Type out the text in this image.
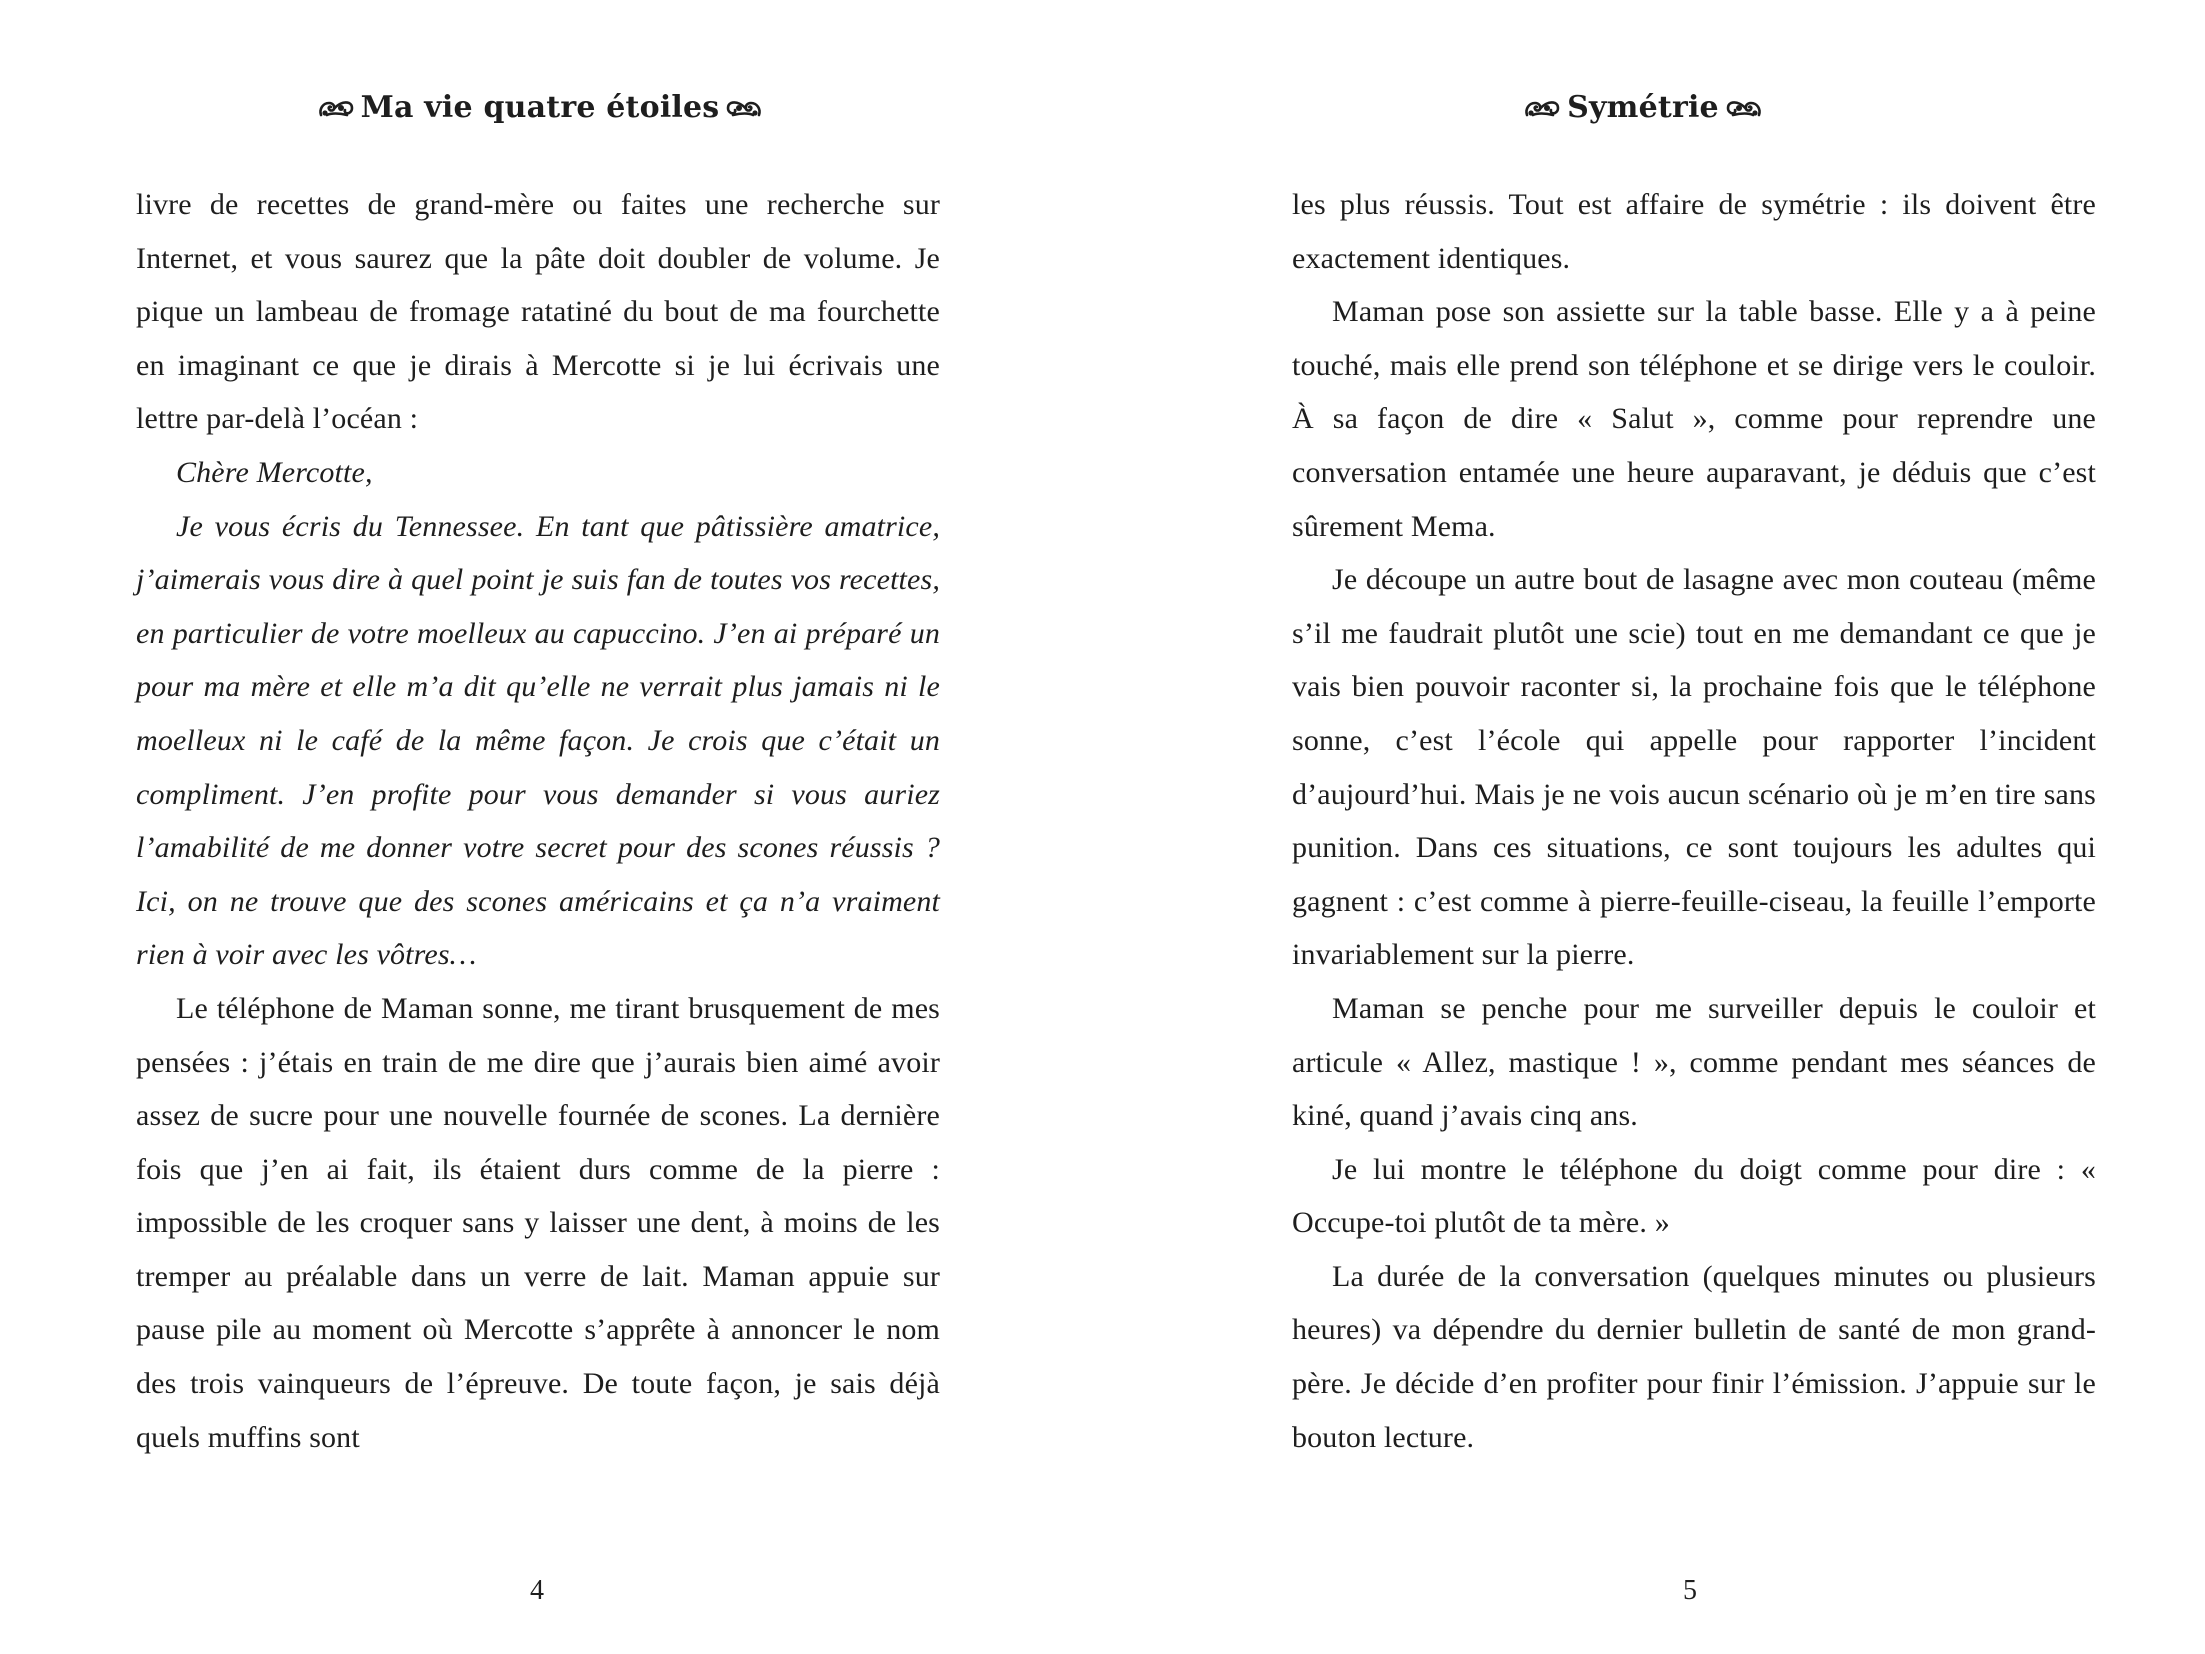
Ma vie quatre étoiles

livre de recettes de grand-mère ou faites une recherche sur Internet, et vous saurez que la pâte doit doubler de volume. Je pique un lambeau de fromage ratatiné du bout de ma fourchette en imaginant ce que je dirais à Mercotte si je lui écrivais une lettre par-delà l’océan :

Chère Mercotte,

Je vous écris du Tennessee. En tant que pâtissière amatrice, j’aimerais vous dire à quel point je suis fan de toutes vos recettes, en particulier de votre moelleux au capuccino. J’en ai préparé un pour ma mère et elle m’a dit qu’elle ne verrait plus jamais ni le moelleux ni le café de la même façon. Je crois que c’était un compliment. J’en profite pour vous demander si vous auriez l’amabilité de me donner votre secret pour des scones réussis ? Ici, on ne trouve que des scones américains et ça n’a vraiment rien à voir avec les vôtres…

Le téléphone de Maman sonne, me tirant brusquement de mes pensées : j’étais en train de me dire que j’aurais bien aimé avoir assez de sucre pour une nouvelle fournée de scones. La dernière fois que j’en ai fait, ils étaient durs comme de la pierre : impossible de les croquer sans y laisser une dent, à moins de les tremper au préalable dans un verre de lait. Maman appuie sur pause pile au moment où Mercotte s’apprête à annoncer le nom des trois vainqueurs de l’épreuve. De toute façon, je sais déjà quels muffins sont

4
Symétrie

les plus réussis. Tout est affaire de symétrie : ils doivent être exactement identiques.

Maman pose son assiette sur la table basse. Elle y a à peine touché, mais elle prend son téléphone et se dirige vers le couloir. À sa façon de dire « Salut », comme pour reprendre une conversation entamée une heure auparavant, je déduis que c’est sûrement Mema.

Je découpe un autre bout de lasagne avec mon couteau (même s’il me faudrait plutôt une scie) tout en me demandant ce que je vais bien pouvoir raconter si, la prochaine fois que le téléphone sonne, c’est l’école qui appelle pour rapporter l’incident d’aujourd’hui. Mais je ne vois aucun scénario où je m’en tire sans punition. Dans ces situations, ce sont toujours les adultes qui gagnent : c’est comme à pierre-feuille-ciseau, la feuille l’emporte invariablement sur la pierre.

Maman se penche pour me surveiller depuis le couloir et articule « Allez, mastique ! », comme pendant mes séances de kiné, quand j’avais cinq ans.

Je lui montre le téléphone du doigt comme pour dire : « Occupe-toi plutôt de ta mère. »

La durée de la conversation (quelques minutes ou plusieurs heures) va dépendre du dernier bulletin de santé de mon grand-père. Je décide d’en profiter pour finir l’émission. J’appuie sur le bouton lecture.

5
